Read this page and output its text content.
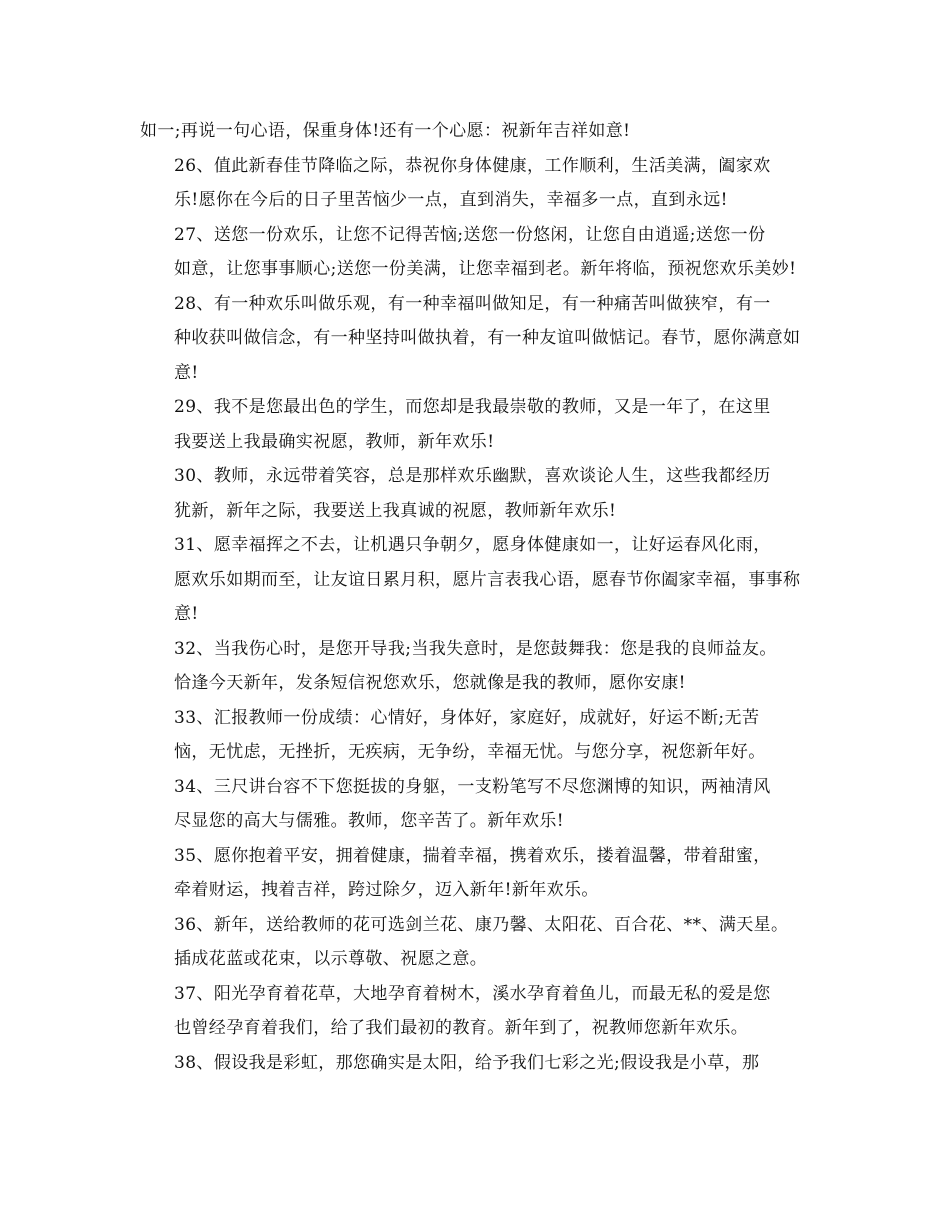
如一;再说一句心语，保重身体!还有一个心愿：祝新年吉祥如意!

26、值此新春佳节降临之际，恭祝你身体健康，工作顺利，生活美满，阖家欢
乐!愿你在今后的日子里苦恼少一点，直到消失，幸福多一点，直到永远!

27、送您一份欢乐，让您不记得苦恼;送您一份悠闲，让您自由逍遥;送您一份
如意，让您事事顺心;送您一份美满，让您幸福到老。新年将临，预祝您欢乐美妙!

28、有一种欢乐叫做乐观，有一种幸福叫做知足，有一种痛苦叫做狭窄，有一
种收获叫做信念，有一种坚持叫做执着，有一种友谊叫做惦记。春节，愿你满意如
意!

29、我不是您最出色的学生，而您却是我最崇敬的教师，又是一年了，在这里
我要送上我最确实祝愿，教师，新年欢乐!

30、教师，永远带着笑容，总是那样欢乐幽默，喜欢谈论人生，这些我都经历
犹新，新年之际，我要送上我真诚的祝愿，教师新年欢乐!

31、愿幸福挥之不去，让机遇只争朝夕，愿身体健康如一，让好运春风化雨，
愿欢乐如期而至，让友谊日累月积，愿片言表我心语，愿春节你阖家幸福，事事称
意!

32、当我伤心时，是您开导我;当我失意时，是您鼓舞我：您是我的良师益友。
恰逢今天新年，发条短信祝您欢乐，您就像是我的教师，愿你安康!

33、汇报教师一份成绩：心情好，身体好，家庭好，成就好，好运不断;无苦
恼，无忧虑，无挫折，无疾病，无争纷，幸福无忧。与您分享，祝您新年好。

34、三尺讲台容不下您挺拔的身躯，一支粉笔写不尽您渊博的知识，两袖清风
尽显您的高大与儒雅。教师，您辛苦了。新年欢乐!

35、愿你抱着平安，拥着健康，揣着幸福，携着欢乐，搂着温馨，带着甜蜜，
牵着财运，拽着吉祥，跨过除夕，迈入新年!新年欢乐。

36、新年，送给教师的花可选剑兰花、康乃馨、太阳花、百合花、**、满天星。
插成花蓝或花束，以示尊敬、祝愿之意。

37、阳光孕育着花草，大地孕育着树木，溪水孕育着鱼儿，而最无私的爱是您
也曾经孕育着我们，给了我们最初的教育。新年到了，祝教师您新年欢乐。

38、假设我是彩虹，那您确实是太阳，给予我们七彩之光;假设我是小草，那
